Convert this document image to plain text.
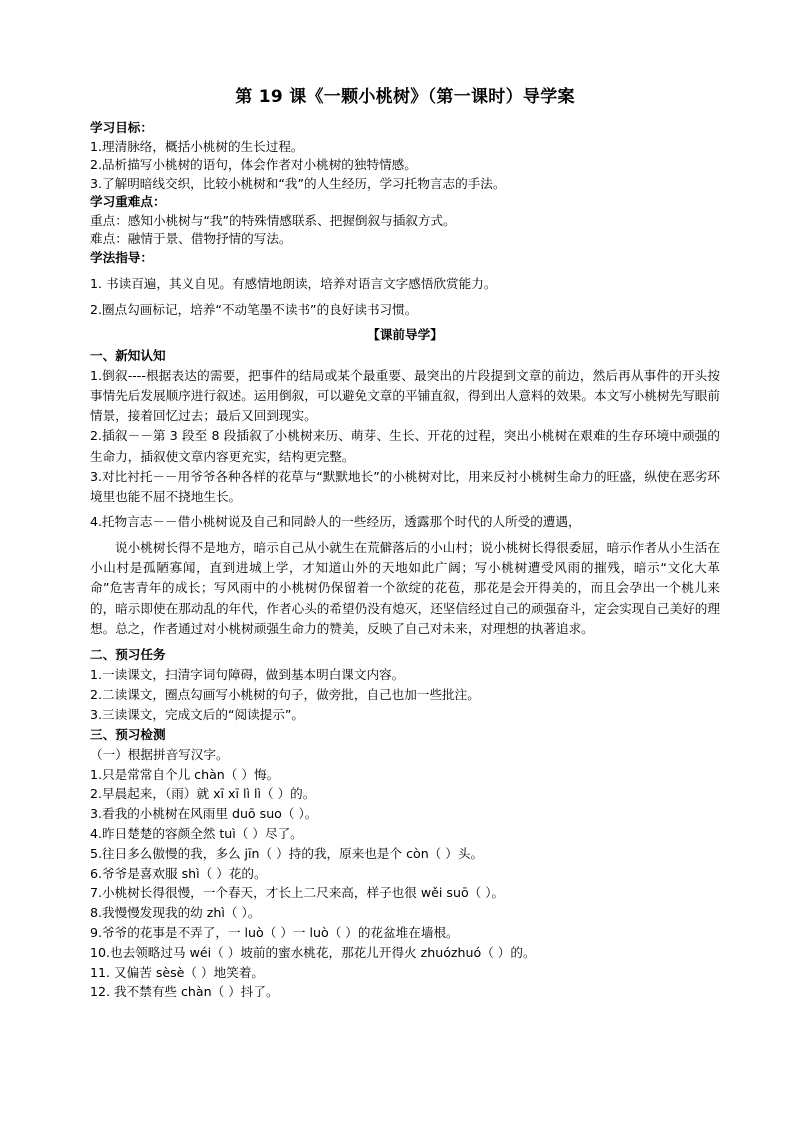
第 19 课《一颗小桃树》（第一课时）导学案

学习目标：

1.理清脉络，概括小桃树的生长过程。

2.品析描写小桃树的语句，体会作者对小桃树的独特情感。

3.了解明暗线交织，比较小桃树和“我”的人生经历，学习托物言志的手法。

学习重难点：

重点：感知小桃树与“我”的特殊情感联系、把握倒叙与插叙方式。

难点：融情于景、借物抒情的写法。

学法指导：

1. 书读百遍，其义自见。有感情地朗读，培养对语言文字感悟欣赏能力。

2.圈点勾画标记，培养“不动笔墨不读书”的良好读书习惯。

【课前导学】

一、新知认知

1.倒叙----根据表达的需要，把事件的结局或某个最重要、最突出的片段提到文章的前边，然后再从事件的开头按事情先后发展顺序进行叙述。运用倒叙，可以避免文章的平铺直叙，得到出人意料的效果。本文写小桃树先写眼前情景，接着回忆过去；最后又回到现实。

2.插叙－－第 3 段至 8 段插叙了小桃树来历、萌芽、生长、开花的过程，突出小桃树在艰难的生存环境中顽强的生命力，插叙使文章内容更充实，结构更完整。

3.对比衬托－－用爷爷各种各样的花草与“默默地长”的小桃树对比，用来反衬小桃树生命力的旺盛，纵使在恶劣环境里也能不屈不挠地生长。

4.托物言志－－借小桃树说及自己和同龄人的一些经历，透露那个时代的人所受的遭遇，

说小桃树长得不是地方，暗示自己从小就生在荒僻落后的小山村；说小桃树长得很委屈，暗示作者从小生活在小山村是孤陋寡闻，直到进城上学，才知道山外的天地如此广阔；写小桃树遭受风雨的摧残，暗示“文化大革命”危害青年的成长；写风雨中的小桃树仍保留着一个欲绽的花苞，那花是会开得美的，而且会孕出一个桃儿来的，暗示即使在那动乱的年代，作者心头的希望仍没有熄灭，还坚信经过自己的顽强奋斗，定会实现自己美好的理想。总之，作者通过对小桃树顽强生命力的赞美，反映了自己对未来，对理想的执著追求。

二、预习任务

1.一读课文，扫清字词句障碍，做到基本明白课文内容。

2.二读课文，圈点勾画写小桃树的句子，做旁批，自己也加一些批注。

3.三读课文，完成文后的“阅读提示”。

三、预习检测

（一）根据拼音写汉字。

1.只是常常自个儿 chàn（ ）悔。

2.早晨起来，（雨）就 xī xī lì lì（ ）的。

3.看我的小桃树在风雨里 duō suo（ ）。

4.昨日楚楚的容颜全然 tuì（ ）尽了。

5.往日多么傲慢的我，多么 jīn（ ）持的我，原来也是个 còn（ ）头。

6.爷爷是喜欢服 shì（ ）花的。

7.小桃树长得很慢，一个春天，才长上二尺来高，样子也很 wěi suō（ ）。

8.我慢慢发现我的幼 zhì（ ）。

9.爷爷的花事是不弄了，一 luò（ ）一 luò（ ）的花盆堆在墙根。

10.也去领略过马 wéi（ ）坡前的蜜水桃花，那花儿开得火 zhuózhuó（ ）的。

11. 又偏苦 sèsè（ ）地笑着。

12. 我不禁有些 chàn（ ）抖了。
